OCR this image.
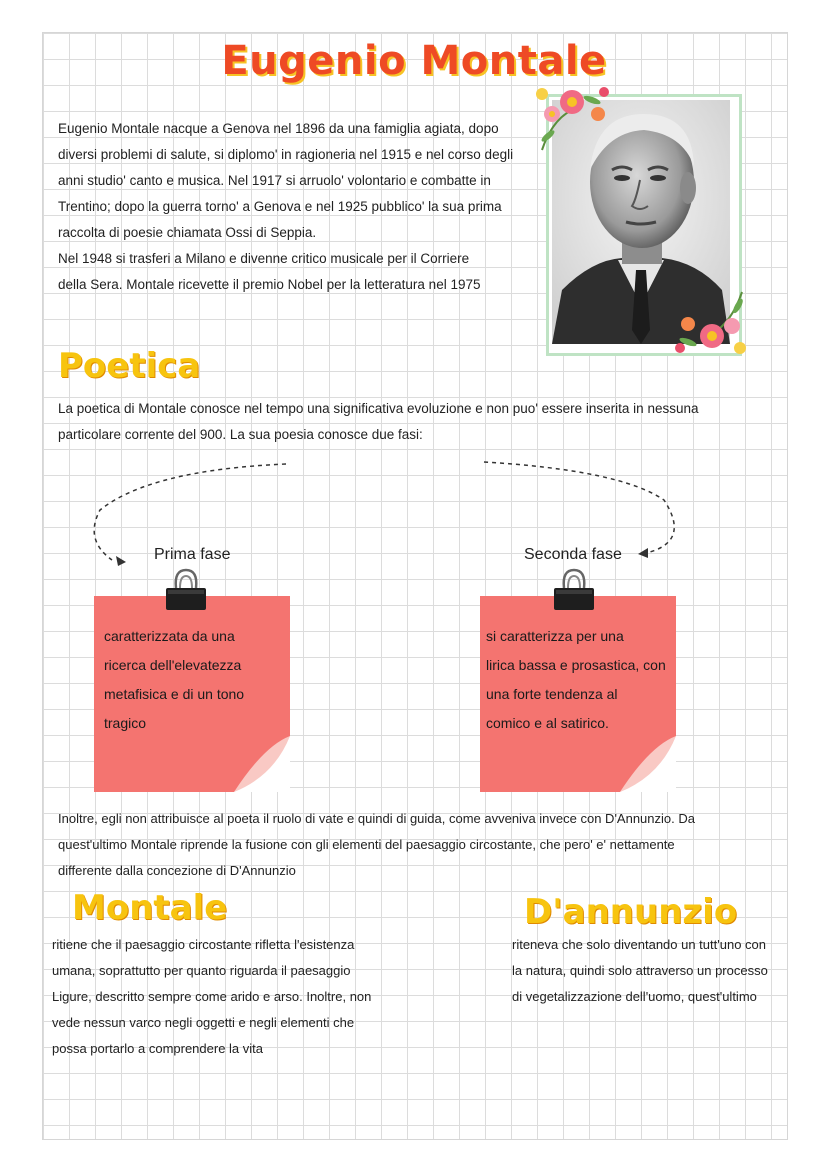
Eugenio Montale
Eugenio Montale nacque a Genova nel 1896 da una famiglia agiata, dopo
diversi problemi di salute, si diplomo' in ragioneria nel 1915 e nel corso degli
anni studio' canto e musica. Nel 1917 si arruolo' volontario e combatte in
Trentino; dopo la guerra torno' a Genova e nel 1925 pubblico' la sua prima
raccolta di poesie chiamata Ossi di Seppia.
Nel 1948 si trasferi a Milano e divenne critico musicale per il Corriere
della Sera. Montale ricevette il premio Nobel per la letteratura nel 1975
Poetica
La poetica di Montale conosce nel tempo una significativa evoluzione e non puo' essere inserita in nessuna
particolare corrente del 900. La sua poesia conosce due fasi:
Prima fase	Seconda fase
caratterizzata da una
ricerca dell'elevatezza
metafisica e di un tono
tragico
si caratterizza per una
lirica bassa e prosastica, con
una forte tendenza al
comico e al satirico.
Inoltre, egli non attribuisce al poeta il ruolo di vate e quindi di guida, come avveniva invece con D'Annunzio. Da
quest'ultimo Montale riprende la fusione con gli elementi del paesaggio circostante, che pero' e' nettamente
differente dalla concezione di D'Annunzio
Montale
ritiene che il paesaggio circostante rifletta l'esistenza
umana, soprattutto per quanto riguarda il paesaggio
Ligure, descritto sempre come arido e arso. Inoltre, non
vede nessun varco negli oggetti e negli elementi che
possa portarlo a comprendere la vita
D'annunzio
riteneva che solo diventando un tutt'uno con
la natura, quindi solo attraverso un processo
di vegetalizzazione dell'uomo, quest'ultimo
